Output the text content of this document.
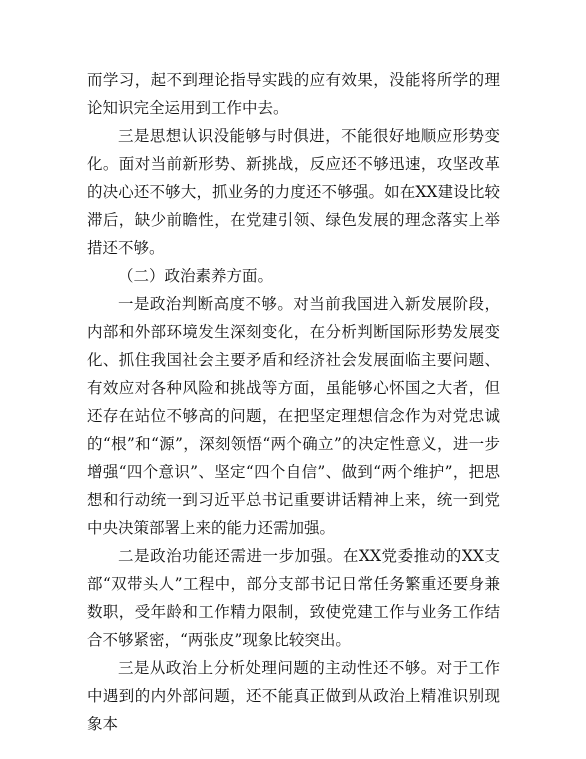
而学习，起不到理论指导实践的应有效果，没能将所学的理论知识完全运用到工作中去。

三是思想认识没能够与时俱进，不能很好地顺应形势变化。面对当前新形势、新挑战，反应还不够迅速，攻坚改革的决心还不够大，抓业务的力度还不够强。如在XX建设比较滞后，缺少前瞻性，在党建引领、绿色发展的理念落实上举措还不够。

（二）政治素养方面。

一是政治判断高度不够。对当前我国进入新发展阶段，内部和外部环境发生深刻变化，在分析判断国际形势发展变化、抓住我国社会主要矛盾和经济社会发展面临主要问题、有效应对各种风险和挑战等方面，虽能够心怀国之大者，但还存在站位不够高的问题，在把坚定理想信念作为对党忠诚的“根”和“源”，深刻领悟“两个确立”的决定性意义，进一步增强“四个意识”、坚定“四个自信”、做到“两个维护”，把思想和行动统一到习近平总书记重要讲话精神上来，统一到党中央决策部署上来的能力还需加强。

二是政治功能还需进一步加强。在XX党委推动的XX支部“双带头人”工程中，部分支部书记日常任务繁重还要身兼数职，受年龄和工作精力限制，致使党建工作与业务工作结合不够紧密，“两张皮”现象比较突出。

三是从政治上分析处理问题的主动性还不够。对于工作中遇到的内外部问题，还不能真正做到从政治上精准识别现象本
